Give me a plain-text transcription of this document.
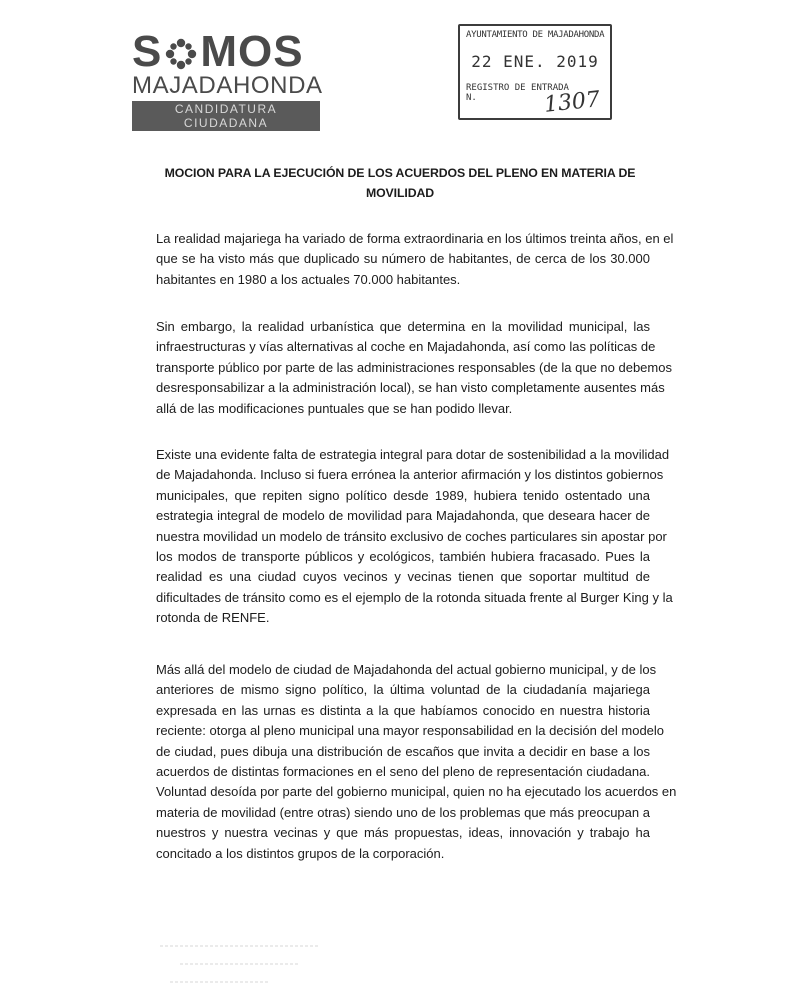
S MOS
MAJADAHONDA
CANDIDATURA CIUDADANA
AYUNTAMIENTO DE MAJADAHONDA
22 ENE. 2019
REGISTRO DE ENTRADA
N.	1307
MOCION PARA LA EJECUCIÓN DE LOS ACUERDOS DEL PLENO EN MATERIA DE
MOVILIDAD
La realidad majariega ha variado de forma extraordinaria en los últimos treinta años, en el
que se ha visto más que duplicado su número de habitantes, de cerca de los 30.000
habitantes en 1980 a los actuales 70.000 habitantes.
Sin embargo, la realidad urbanística que determina en la movilidad municipal, las
infraestructuras y vías alternativas al coche en Majadahonda, así como las políticas de
transporte público por parte de las administraciones responsables (de la que no debemos
desresponsabilizar a la administración local), se han visto completamente ausentes más
allá de las modificaciones puntuales que se han podido llevar.
Existe una evidente falta de estrategia integral para dotar de sostenibilidad a la movilidad
de Majadahonda. Incluso si fuera errónea la anterior afirmación y los distintos gobiernos
municipales, que repiten signo político desde 1989, hubiera tenido ostentado una
estrategia integral de modelo de movilidad para Majadahonda, que deseara hacer de
nuestra movilidad un modelo de tránsito exclusivo de coches particulares sin apostar por
los modos de transporte públicos y ecológicos, también hubiera fracasado. Pues la
realidad es una ciudad cuyos vecinos y vecinas tienen que soportar multitud de
dificultades de tránsito como es el ejemplo de la rotonda situada frente al Burger King y la
rotonda de RENFE.
Más allá del modelo de ciudad de Majadahonda del actual gobierno municipal, y de los
anteriores de mismo signo político, la última voluntad de la ciudadanía majariega
expresada en las urnas es distinta a la que habíamos conocido en nuestra historia
reciente: otorga al pleno municipal una mayor responsabilidad en la decisión del modelo
de ciudad, pues dibuja una distribución de escaños que invita a decidir en base a los
acuerdos de distintas formaciones en el seno del pleno de representación ciudadana.
Voluntad desoída por parte del gobierno municipal, quien no ha ejecutado los acuerdos en
materia de movilidad (entre otras) siendo uno de los problemas que más preocupan a
nuestros y nuestra vecinas y que más propuestas, ideas, innovación y trabajo ha
concitado a los distintos grupos de la corporación.
